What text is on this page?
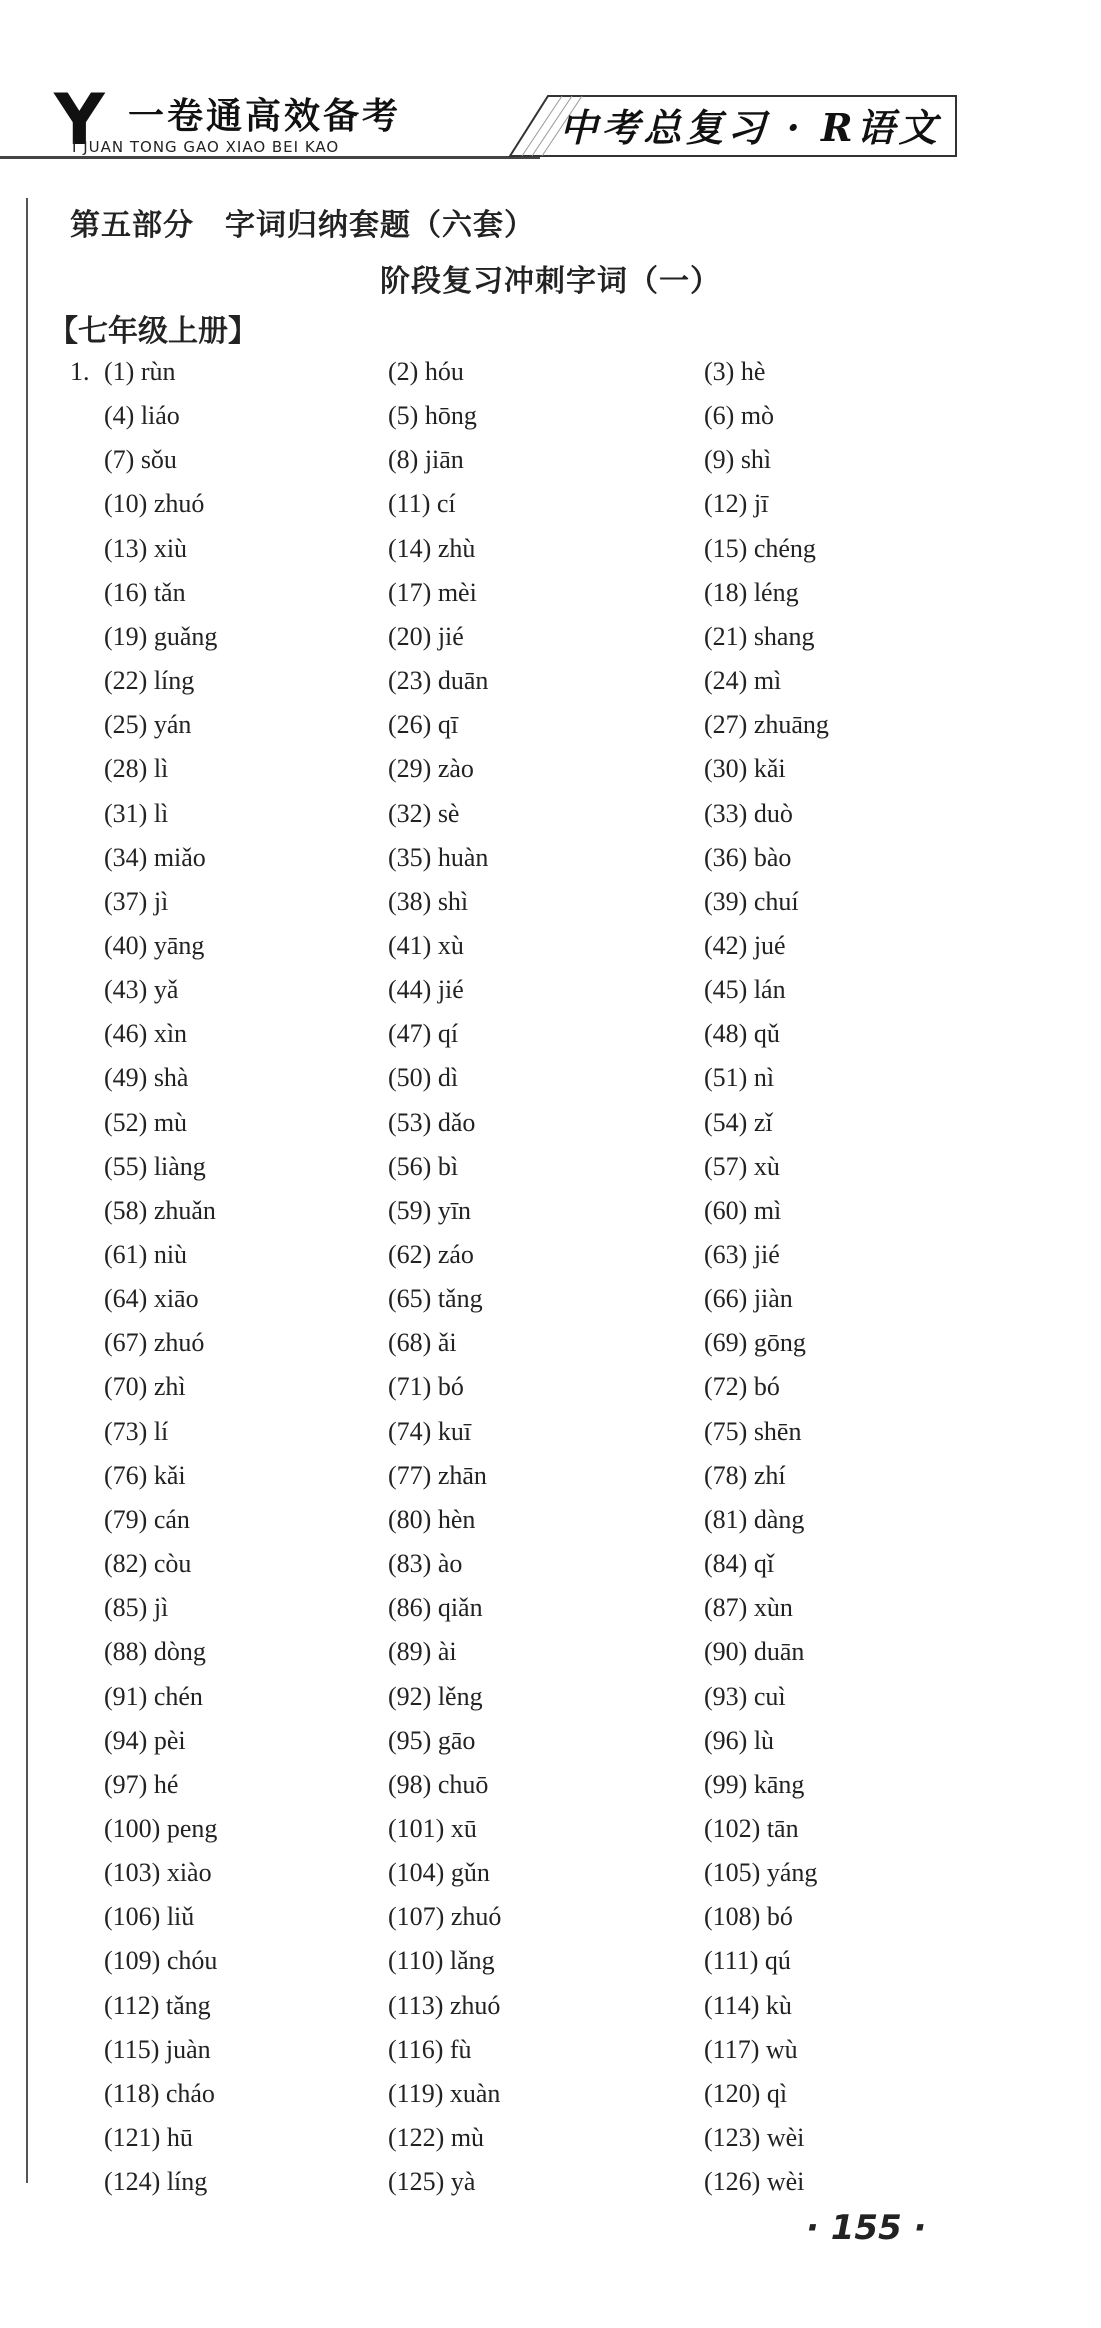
Y 一卷通高效备考
I JUAN TONG GAO XIAO BEI KAO	中考总复习 · R语文
第五部分　字词归纳套题（六套）
阶段复习冲刺字词（一）
【七年级上册】
1. (1) rùn	(2) hóu	(3) hè
(4) liáo	(5) hōng	(6) mò
(7) sǒu	(8) jiān	(9) shì
(10) zhuó	(11) cí	(12) jī
(13) xiù	(14) zhù	(15) chéng
(16) tǎn	(17) mèi	(18) léng
(19) guǎng	(20) jié	(21) shang
(22) líng	(23) duān	(24) mì
(25) yán	(26) qī	(27) zhuāng
(28) lì	(29) zào	(30) kǎi
(31) lì	(32) sè	(33) duò
(34) miǎo	(35) huàn	(36) bào
(37) jì	(38) shì	(39) chuí
(40) yāng	(41) xù	(42) jué
(43) yǎ	(44) jié	(45) lán
(46) xìn	(47) qí	(48) qǔ
(49) shà	(50) dì	(51) nì
(52) mù	(53) dǎo	(54) zǐ
(55) liàng	(56) bì	(57) xù
(58) zhuǎn	(59) yīn	(60) mì
(61) niù	(62) záo	(63) jié
(64) xiāo	(65) tǎng	(66) jiàn
(67) zhuó	(68) ǎi	(69) gōng
(70) zhì	(71) bó	(72) bó
(73) lí	(74) kuī	(75) shēn
(76) kǎi	(77) zhān	(78) zhí
(79) cán	(80) hèn	(81) dàng
(82) còu	(83) ào	(84) qǐ
(85) jì	(86) qiǎn	(87) xùn
(88) dòng	(89) ài	(90) duān
(91) chén	(92) lěng	(93) cuì
(94) pèi	(95) gāo	(96) lù
(97) hé	(98) chuō	(99) kāng
(100) peng	(101) xū	(102) tān
(103) xiào	(104) gǔn	(105) yáng
(106) liǔ	(107) zhuó	(108) bó
(109) chóu	(110) lǎng	(111) qú
(112) tǎng	(113) zhuó	(114) kù
(115) juàn	(116) fù	(117) wù
(118) cháo	(119) xuàn	(120) qì
(121) hū	(122) mù	(123) wèi
(124) líng	(125) yà	(126) wèi
· 155 ·
